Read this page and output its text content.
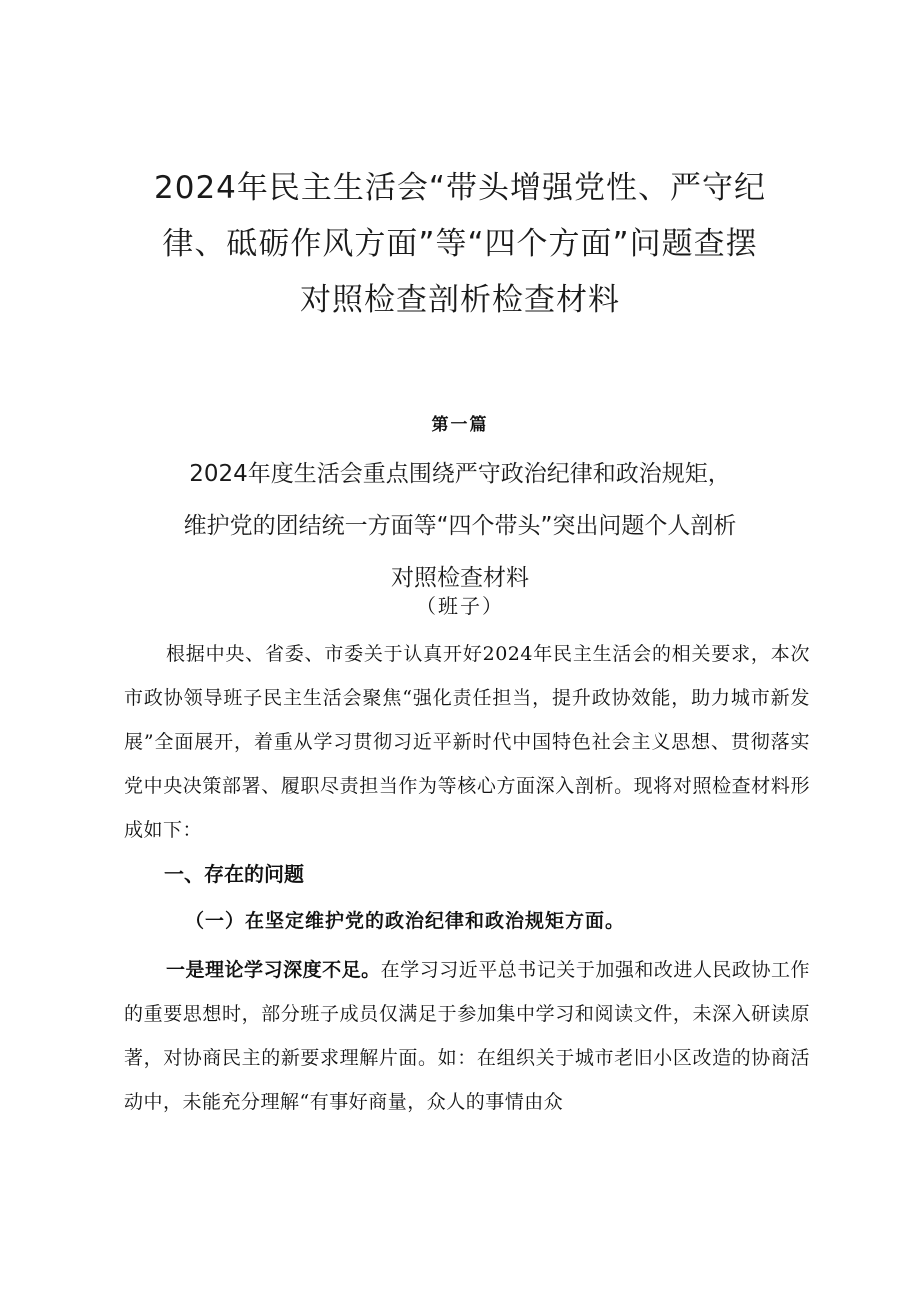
2024年民主生活会“带头增强党性、严守纪
律、砥砺作风方面”等“四个方面”问题查摆
对照检查剖析检查材料
第一篇
2024年度生活会重点围绕严守政治纪律和政治规矩，
维护党的团结统一方面等“四个带头”突出问题个人剖析
对照检查材料
（班子）

根据中央、省委、市委关于认真开好2024年民主生活会的相关要求，本次市政协领导班子民主生活会聚焦“强化责任担当，提升政协效能，助力城市新发展”全面展开，着重从学习贯彻习近平新时代中国特色社会主义思想、贯彻落实党中央决策部署、履职尽责担当作为等核心方面深入剖析。现将对照检查材料形成如下：

一、存在的问题
（一）在坚定维护党的政治纪律和政治规矩方面。

一是理论学习深度不足。在学习习近平总书记关于加强和改进人民政协工作的重要思想时，部分班子成员仅满足于参加集中学习和阅读文件，未深入研读原著，对协商民主的新要求理解片面。如：在组织关于城市老旧小区改造的协商活动中，未能充分理解“有事好商量，众人的事情由众
